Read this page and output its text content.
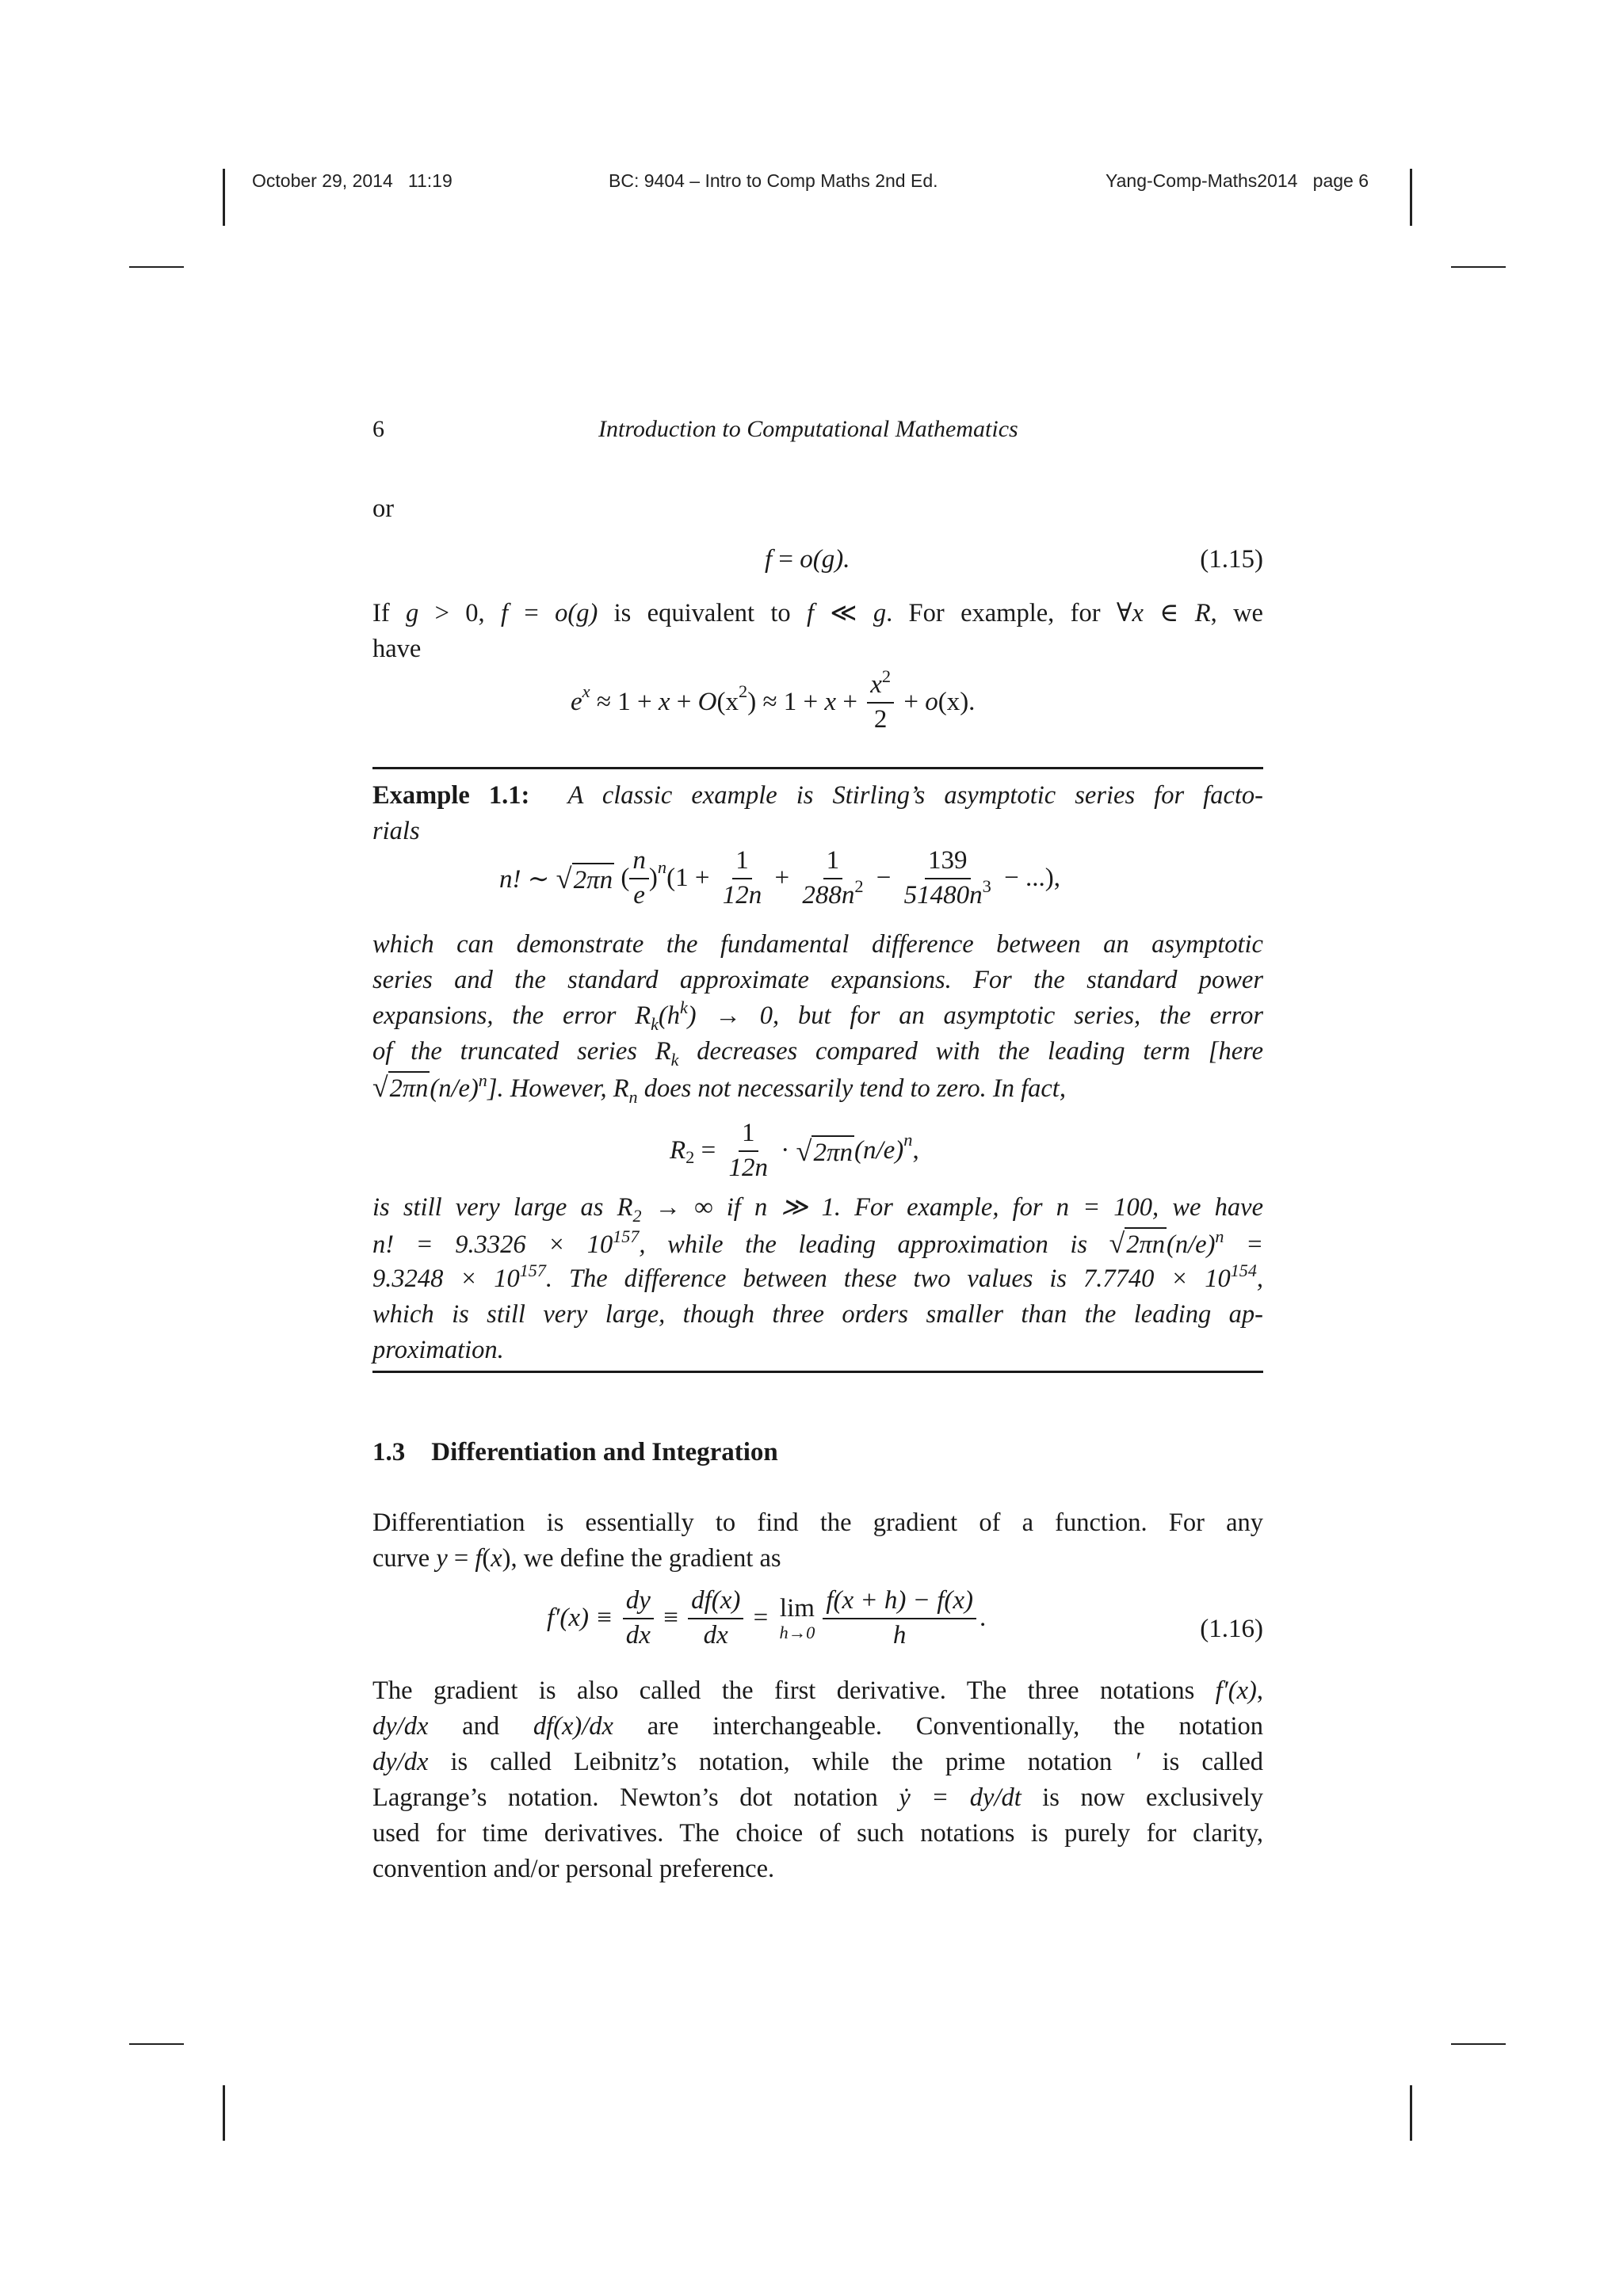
October 29, 2014 11:19	BC: 9404 – Intro to Comp Maths 2nd Ed.	Yang-Comp-Maths2014 page 6
6	Introduction to Computational Mathematics
or
f = o(g).	(1.15)
If g > 0, f = o(g) is equivalent to f ≪ g. For example, for ∀x ∈ R, we
have
e $^x$ ≈ 1 + x + O ($x^2$ ) ≈ $1 + x + \frac{x^2}{2} + o$ (x).
Example 1.1: A classic example is Stirling’s asymptotic series for facto-
rials
n! ∼ √2πn ( $\frac{n}{e}$ ) $^n$ ($1 + \frac{1}{12n} + \frac{1}{288n^2} - \frac{139}{51480n^3}$ − ...),
which can demonstrate the fundamental difference between an asymptotic
series and the standard approximate expansions. For the standard power
expansions, the error $R_k(h^k) \to 0$, but for an asymptotic series, the error
of the truncated series $R_k$ decreases compared with the leading term [here
$√2\pi n(n/e)^n$]. However, $R_n$ does not necessarily tend to zero. In fact,
$R_2 = \frac{1}{12n} \cdot √2\pi n$ (n/e) $^n$ ,
is still very large as $R_2$ → ∞ if n ≫ 1. For example, for n = 100, we have
n! = $9.3326 \times 10^{157}$, while the leading approximation is $√2\pi n(n/e)^n$ =
$9.3248 \times 10^{157}$. The difference between these two values is $7.7740 \times 10^{154}$,
which is still very large, though three orders smaller than the leading ap-
proximation.
1.3 Differentiation and Integration
Differentiation is essentially to find the gradient of a function. For any
curve y = f(x), we define the gradient as
$f'(x) \equiv \frac{dy}{dx} \equiv \frac{df(x)}{dx} = \lim$
$h\to 0 \frac{f(x + h) - f(x)}{h}$ .	(1.16)
The gradient is also called the first derivative. The three notations f′(x),
dy/dx and df(x)/dx are interchangeable. Conventionally, the notation
dy/dx is called Leibnitz’s notation, while the prime notation ′ is called
Lagrange’s notation. Newton’s dot notation ẏ = dy/dt is now exclusively
used for time derivatives. The choice of such notations is purely for clarity,
convention and/or personal preference.
